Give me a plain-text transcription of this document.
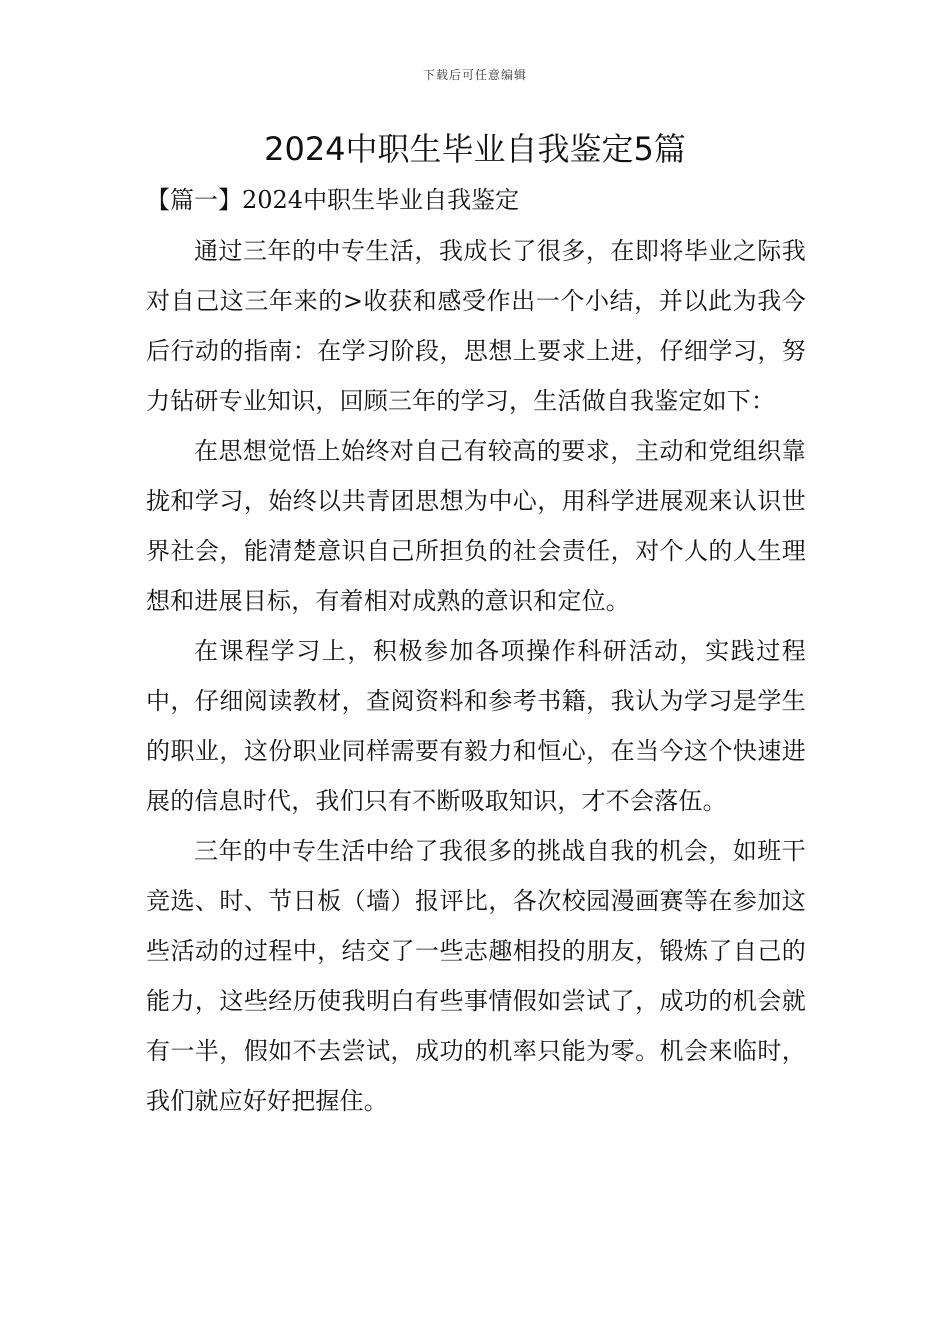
下载后可任意编辑
2024中职生毕业自我鉴定5篇
【篇一】2024中职生毕业自我鉴定

通过三年的中专生活，我成长了很多，在即将毕业之际我对自己这三年来的>收获和感受作出一个小结，并以此为我今后行动的指南：在学习阶段，思想上要求上进，仔细学习，努力钻研专业知识，回顾三年的学习，生活做自我鉴定如下：

在思想觉悟上始终对自己有较高的要求，主动和党组织靠拢和学习，始终以共青团思想为中心，用科学进展观来认识世界社会，能清楚意识自己所担负的社会责任，对个人的人生理想和进展目标，有着相对成熟的意识和定位。

在课程学习上，积极参加各项操作科研活动，实践过程中，仔细阅读教材，查阅资料和参考书籍，我认为学习是学生的职业，这份职业同样需要有毅力和恒心，在当今这个快速进展的信息时代，我们只有不断吸取知识，才不会落伍。

三年的中专生活中给了我很多的挑战自我的机会，如班干竞选、时、节日板（墙）报评比，各次校园漫画赛等在参加这些活动的过程中，结交了一些志趣相投的朋友，锻炼了自己的能力，这些经历使我明白有些事情假如尝试了，成功的机会就有一半，假如不去尝试，成功的机率只能为零。机会来临时，我们就应好好把握住。
